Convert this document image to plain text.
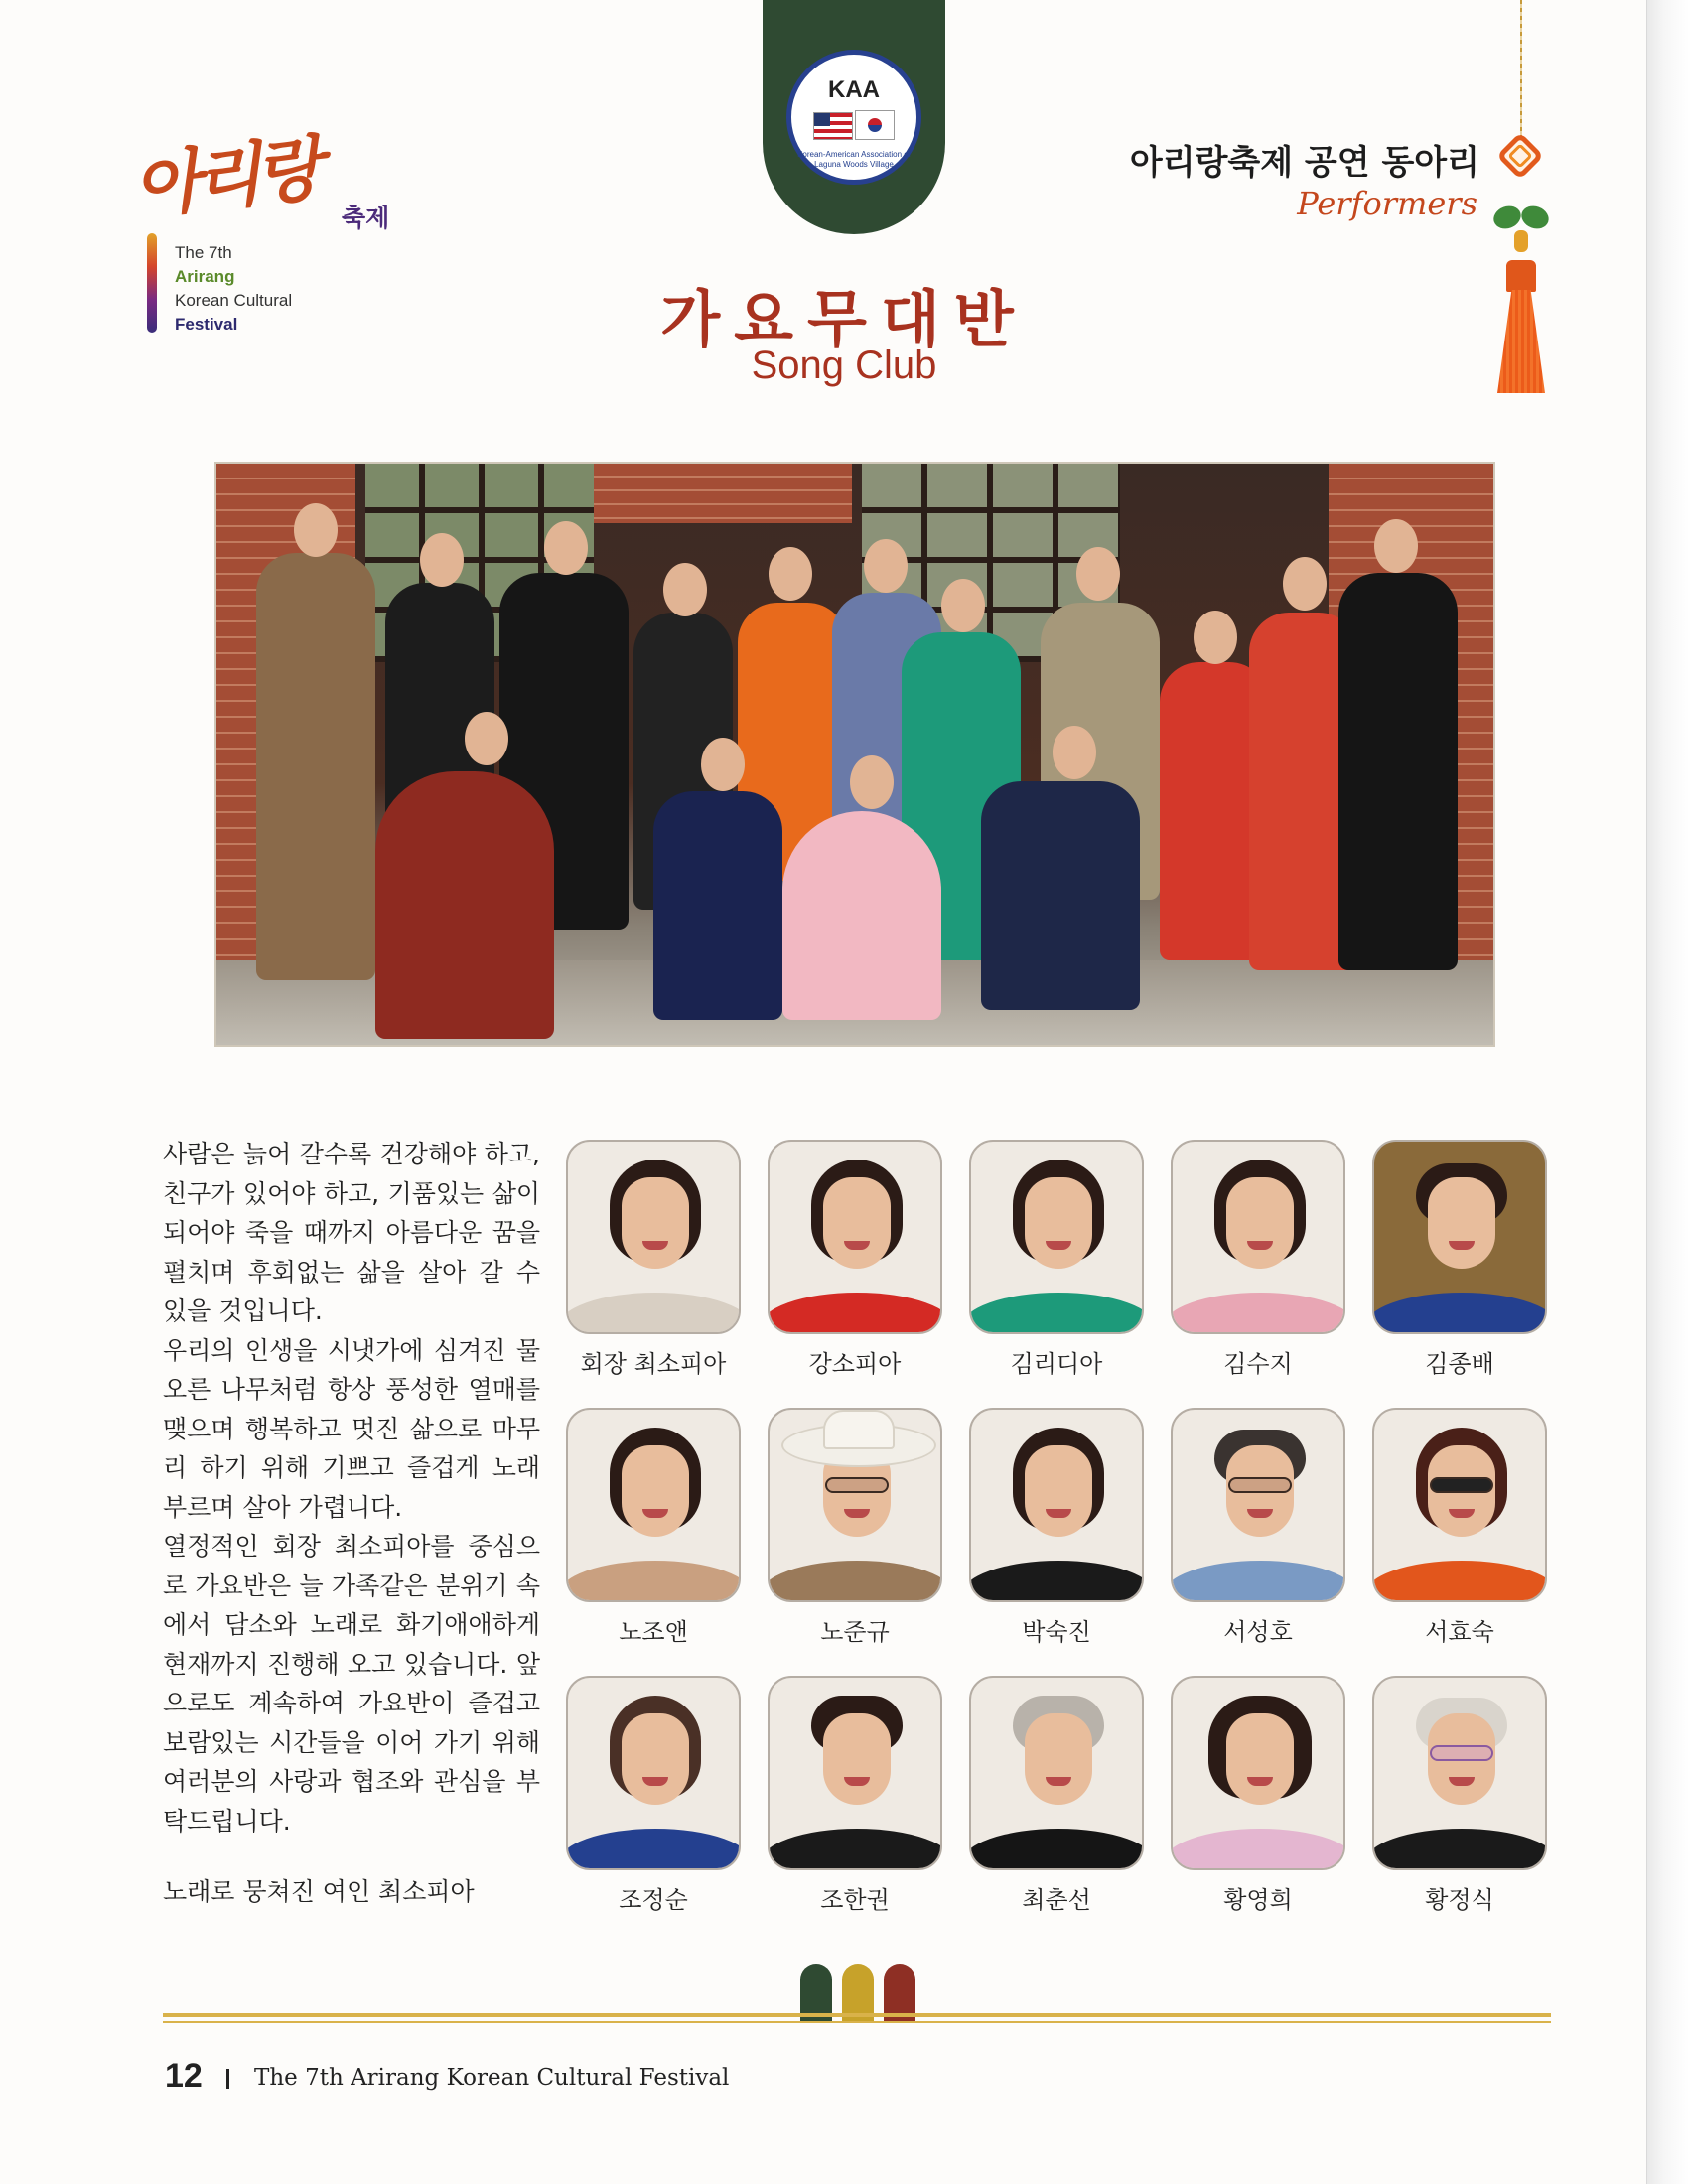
아리랑 축제
The 7th
Arirang
Korean Cultural
Festival
KAA
Korean-American Association of Laguna Woods Village	아리랑축제 공연 동아리
Performers
가요무대반
Song Club

사람은 늙어 갈수록 건강해야 하고, 친구가 있어야 하고, 기품있는 삶이 되어야 죽을 때까지 아름다운 꿈을 펼치며 후회없는 삶을 살아 갈 수 있을 것입니다.

우리의 인생을 시냇가에 심겨진 물오른 나무처럼 항상 풍성한 열매를 맺으며 행복하고 멋진 삶으로 마무리 하기 위해 기쁘고 즐겁게 노래 부르며 살아 가렵니다.

열정적인 회장 최소피아를 중심으로 가요반은 늘 가족같은 분위기 속에서 담소와 노래로 화기애애하게 현재까지 진행해 오고 있습니다. 앞으로도 계속하여 가요반이 즐겁고 보람있는 시간들을 이어 가기 위해 여러분의 사랑과 협조와 관심을 부탁드립니다.

노래로 뭉쳐진 여인 최소피아

회장 최소피아	강소피아	김리디아	김수지	김종배
노조앤	노준규	박숙진	서성호	서효숙
조정순	조한권	최춘선	황영희	황정식
12 The 7th Arirang Korean Cultural Festival
